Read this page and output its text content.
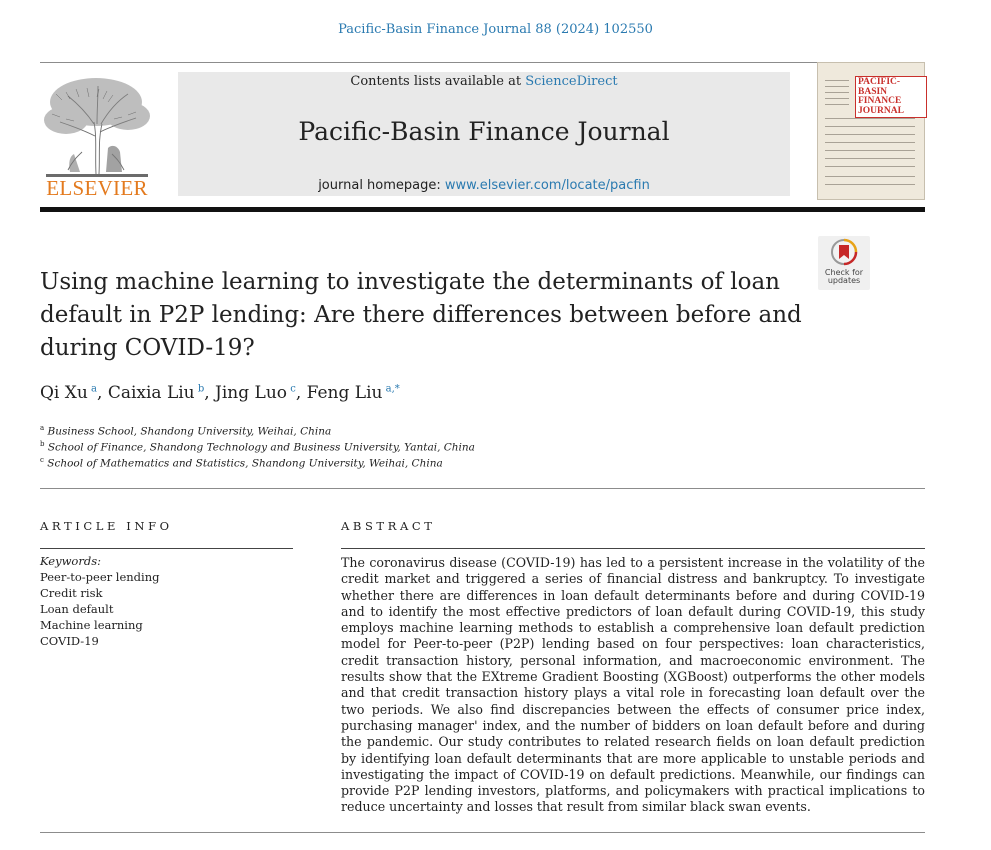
Pacific-Basin Finance Journal 88 (2024) 102550
ELSEVIER
Contents lists available at ScienceDirect
Pacific-Basin Finance Journal
journal homepage: www.elsevier.com/locate/pacfin
PACIFIC-BASIN FINANCE JOURNAL
Check for
updates
Using machine learning to investigate the determinants of loan default in P2P lending: Are there differences between before and during COVID-19?
Qi Xu $^a$, Caixia Liu $^b$, Jing Luo $^c$, Feng Liu $^{a,*}$
$^a$ Business School, Shandong University, Weihai, China
$^b$ School of Finance, Shandong Technology and Business University, Yantai, China
$^c$ School of Mathematics and Statistics, Shandong University, Weihai, China
ARTICLE INFO
Keywords:
Peer-to-peer lending
Credit risk
Loan default
Machine learning
COVID-19
ABSTRACT
The coronavirus disease (COVID-19) has led to a persistent increase in the volatility of the credit market and triggered a series of financial distress and bankruptcy. To investigate whether there are differences in loan default determinants before and during COVID-19 and to identify the most effective predictors of loan default during COVID-19, this study employs machine learning methods to establish a comprehensive loan default prediction model for Peer-to-peer (P2P) lending based on four perspectives: loan characteristics, credit transaction history, personal information, and macroeconomic environment. The results show that the EXtreme Gradient Boosting (XGBoost) outperforms the other models and that credit transaction history plays a vital role in forecasting loan default over the two periods. We also find discrepancies between the effects of consumer price index, purchasing manager' index, and the number of bidders on loan default before and during the pandemic. Our study contributes to related research fields on loan default prediction by identifying loan default determinants that are more applicable to unstable periods and investigating the impact of COVID-19 on default predictions. Meanwhile, our findings can provide P2P lending investors, platforms, and policymakers with practical implications to reduce uncertainty and losses that result from similar black swan events.
